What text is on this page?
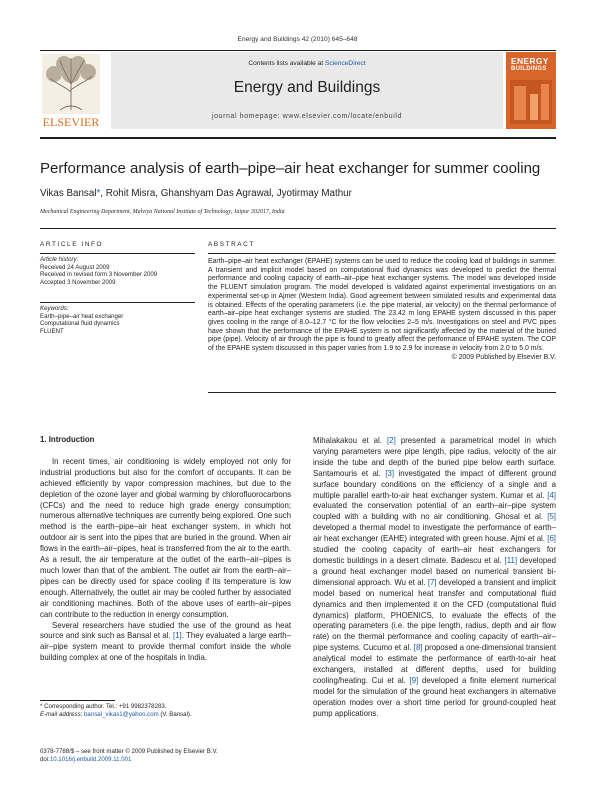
Energy and Buildings 42 (2010) 645–648
ELSEVIER
Contents lists available at ScienceDirect
Energy and Buildings
journal homepage: www.elsevier.com/locate/enbuild
ENERGY
BUILDINGS
Performance analysis of earth–pipe–air heat exchanger for summer cooling
Vikas Bansal*, Rohit Misra, Ghanshyam Das Agrawal, Jyotirmay Mathur
Mechanical Engineering Department, Malviya National Institute of Technology, Jaipur 302017, India
ARTICLE INFO	ABSTRACT
Article history:
Received 24 August 2009
Received in revised form 3 November 2009
Accepted 3 November 2009
Keywords:
Earth–pipe–air heat exchanger
Computational fluid dynamics
FLUENT
Earth–pipe–air heat exchanger (EPAHE) systems can be used to reduce the cooling load of buildings in summer. A transient and implicit model based on computational fluid dynamics was developed to predict the thermal performance and cooling capacity of earth–air–pipe heat exchanger systems. The model was developed inside the FLUENT simulation program. The model developed is validated against experimental investigations on an experimental set-up in Ajmer (Western India). Good agreement between simulated results and experimental data is obtained. Effects of the operating parameters (i.e. the pipe material, air velocity) on the thermal performance of earth–air–pipe heat exchanger systems are studied. The 23.42 m long EPAHE system discussed in this paper gives cooling in the range of 8.0–12.7 °C for the flow velocities 2–5 m/s. Investigations on steel and PVC pipes have shown that the performance of the EPAHE system is not significantly affected by the material of the buried pipe (pipe). Velocity of air through the pipe is found to greatly affect the performance of EPAHE system. The COP of the EPAHE system discussed in this paper varies from 1.9 to 2.9 for increase in velocity from 2.0 to 5.0 m/s.
© 2009 Published by Elsevier B.V.
1. Introduction
In recent times, air conditioning is widely employed not only for industrial productions but also for the comfort of occupants. It can be achieved efficiently by vapor compression machines, but due to the depletion of the ozone layer and global warming by chlorofluorocarbons (CFCs) and the need to reduce high grade energy consumption; numerous alternative techniques are currently being explored. One such method is the earth–pipe–air heat exchanger system, in which hot outdoor air is sent into the pipes that are buried in the ground. When air flows in the earth–air–pipes, heat is transferred from the air to the earth. As a result, the air temperature at the outlet of the earth–air–pipes is much lower than that of the ambient. The outlet air from the earth–air–pipes can be directly used for space cooling if its temperature is low enough. Alternatively, the outlet air may be cooled further by associated air conditioning machines. Both of the above uses of earth–air–pipes can contribute to the reduction in energy consumption.
Several researchers have studied the use of the ground as heat source and sink such as Bansal et al. [1]. They evaluated a large earth–air–pipe system meant to provide thermal comfort inside the whole building complex at one of the hospitals in India.
Mihalakakou et al. [2] presented a parametrical model in which varying parameters were pipe length, pipe radius, velocity of the air inside the tube and depth of the buried pipe below earth surface. Santamouris et al. [3] investigated the impact of different ground surface boundary conditions on the efficiency of a single and a multiple parallel earth-to-air heat exchanger system. Kumar et al. [4] evaluated the conservation potential of an earth–air–pipe system coupled with a building with no air conditioning. Ghosal et al. [5] developed a thermal model to investigate the performance of earth–air heat exchanger (EAHE) integrated with green house. Ajmi et al. [6] studied the cooling capacity of earth–air heat exchangers for domestic buildings in a desert climate. Badescu et al. [11] developed a ground heat exchanger model based on numerical transient bi-dimensional approach. Wu et al. [7] developed a transient and implicit model based on numerical heat transfer and computational fluid dynamics and then implemented it on the CFD (computational fluid dynamics) platform, PHOENICS, to evaluate the effects of the operating parameters (i.e. the pipe length, radius, depth and air flow rate) on the thermal performance and cooling capacity of earth–air–pipe systems. Cucumo et al. [8] proposed a one-dimensional transient analytical model to estimate the performance of earth-to-air heat exchangers, installed at different depths, used for building cooling/heating. Cui et al. [9] developed a finite element numerical model for the simulation of the ground heat exchangers in alternative operation modes over a short time period for ground-coupled heat pump applications.
* Corresponding author. Tel.: +91 9982378283.
E-mail address: bansal_vikas1@yahoo.com (V. Bansal).
0378-7788/$ – see front matter © 2009 Published by Elsevier B.V.
doi:10.1016/j.enbuild.2009.11.001
